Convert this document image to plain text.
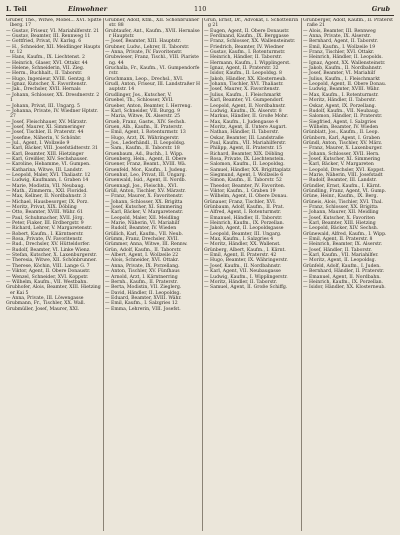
I. Teil	Einwohner	110	Grub

Gruber, The., Witwe, Möbel... XVI. Spittelberg. 17

— Gustav, Friseur, VI. Mariahilferstr. 21

— Gustav, Beamter, III. Rennweg 11

— Gottfried, Privat, IV. Karlsg. 6

— H., Schneider, XII. Meidlinger Hauptstr. 12

— Hans, Kaufm., IX. Liechtenst. 2

— Heinrich, Glaser, XVI. Ottakr. 44

— Helene, Schneiderin, VII. Zieg.

— Herm., Buchhalt., II. Taborstr.

— Hugo, Ingenieur, XVIII. Gentzg. 8

— Ignaz, Kutscher, X. Favoritenstr.

— Jak., Drechsler, XVII. Hernals

— Johann, Schlosser, XX. Dresdnerstr. 21

— Johann, Privat, III. Ungarg. 5

— Johanna, Private, IV. Wiedner Hptstr. 27

— Josef, Fleischhauer, XV. Märzstr.

— Josef, Maurer, XI. Simmeringer

— Josef, Tischler, II. Praterstr. 44

— Josefine, Näherin, V. Schönbr.

— Jul., Agent, I. Wollzeile 9

— Karl, Bäcker, VIII. Josefstädterstr. 31

— Karl, Beamter, XIII. Hietzinger

— Karl, Greißler, XIV. Sechshauser.

— Karoline, Hebamme, VI. Gumpen.

— Katharina, Witwe, III. Landstr.

— Leopold, Maler, XVI. Thaliastr. 12

— Ludwig, Kaufmann, I. Graben 14

— Marie, Modistin, VII. Neubaug.

— Math., Zimmerm., XXI. Floridsd.

— Max, Kellner, II. Nordbahnstr. 3

— Michael, Hausbesorger, IX. Porz.

— Moritz, Privat, XIX. Döbling

— Otto, Beamter, XVIII. Währ. 61

— Paul, Schuhmacher, XVII. Jörg.

— Peter, Fiaker, III. Erdbergstr. 9

— Richard, Lehrer, V. Margaretenstr.

— Robert, Kaufm., I. Kärntnerstr.

— Rosa, Private, IV. Favoritenstr.

— Rud., Drechsler, XV. Hütteldorfer.

— Rudolf, Beamter, VI. Linke Wienz.

— Stefan, Kutscher, X. Laxenburgerstr.

— Theresia, Witwe, XII. Schönbrunner.

— Therese, Köchin, VIII. Lange G. 7

— Viktor, Agent, II. Obere Donaustr.

— Wenzel, Schneider, XVI. Koppstr.

— Wilhelm, Kaufm., VII. Westbahn.

Grubhofer, Alois, Beamter, XIII. Hietzinger Kai 5

— Anna, Private, III. Löwengasse

Grubmann, Fr., Tischler, XX. Wall.

Grubmüller, Josef, Maurer, XXI.

Grubner, Adolf, Ktm., XII. Schönbrunnerstr. 88

Grubtaufer, Ant., Kaufm., XVII. Hernalser Hauptstr.

— Josef, Beamter, XIII. Hauptstr.

Grubner, Ludw., Lehrer, II. Taborstr.

— Anna, Private, IV. Favoritenstr.

Grubwieser, Franz, Tischl., VIII. Piaristeng. 44

Gruchalla, Fr., Kaufm., VI. Gumpendorferstr.

Gruchmann, Leop., Drechsl., XVI.

Grudl, Anton, Friseur, III. Landstraßer Hauptstr. 14

Grudlinger, Jos., Kutscher, V.

Gruebel, Th., Schlosser, XVII.

Grueber, Anton, Beamter, I. Herreng.

— Karl, Schneider, VII. Burgg. 9

— Maria, Witwe, IX. Alserstr. 25

Grueb, Franz, Gastw., XIV. Sechsh.

Gruen, Alb., Kaufm., II. Praterstr.

— Emil, Agent, I. Rotenturmstr. 13

— Hugo, Arzt, IX. Währingerstr.

— Jos., Lederhändl., II. Leopoldsg.

— Sam., Kaufm., II. Taborstr. 18

Gruenbaum, Ad., Buchh., I. Wipp.

Gruenberg, Hein., Agent, II. Obere

Gruener, Franz, Beamt., XVIII. Wä.

Gruenfeld, Mor., Kaufm., I. Judeng.

Gruenhut, Leo, Privat, III. Ungarg.

Gruenwald, Isid., Agent, II. Nordb.

Gruennagl, Jos., Fleischh., XVI.

Grüll, Anton, Tischler, XV. Märzstr.

— Franz, Maurer, X. Favoritenstr.

— Johann, Schlosser, XX. Brigitta

— Josef, Kutscher, XI. Simmering

— Karl, Bäcker, V. Margaretenstr.

— Leopold, Maler, XII. Meidling

— Marie, Näherin, VI. Mariahilf

— Rudolf, Beamter, IV. Wieden

Grüllich, Karl, Kaufm., VII. Neub.

Grümm, Franz, Drechsler, XVII.

Grümmer, Anna, Witwe, III. Rennw.

Grün, Adolf, Kaufm., II. Taborstr.

— Albert, Agent, I. Wollzeile 22

— Alois, Schneider, XVI. Ottakr.

— Anna, Private, IX. Porzellang.

— Anton, Tischler, XV. Fünfhaus

— Arnold, Arzt, I. Kärntnerring

— Bernh., Kaufm., II. Praterstr.

— Berta, Modistin, VII. Zieglerg.

— David, Händler, II. Leopoldsg.

— Eduard, Beamter, XVIII. Währ.

— Emil, Kaufm., I. Salzgries 12

— Emma, Lehrerin, VIII. Josefst.

Grün, Ernst, Dr., Advokat, I. Schottenring 21

— Eugen, Agent, II. Obere Donaustr.

— Ferdinand, Kaufm., IX. Berggasse

— Franz, Schlosser, XX. Wallensteinstr.

— Friedrich, Beamter, IV. Wiedner

— Gustav, Kaufm., I. Rotenturmstr.

— Heinrich, Händler, II. Taborstr.

— Hermann, Kaufm., I. Wipplingerst.

— Ignaz, Agent, II. Praterstr. 32

— Isidor, Kaufm., II. Leopoldsg. 8

— Jakob, Händler, XX. Klosterneub.

— Johann, Tischler, XVI. Thaliastr.

— Josef, Maurer, X. Favoritenstr.

— Julius, Kaufm., I. Fleischmarkt

— Karl, Beamter, VI. Gumpendorf.

— Leopold, Agent, II. Nordbahnstr.

— Ludwig, Kaufm., IX. Alserstr. 8

— Markus, Händler, II. Große Mohr.

— Max, Kaufm., I. Judengasse 4

— Moritz, Agent, II. Untere Augart.

— Nathan, Händler, II. Taborstr.

— Oskar, Beamter, III. Landstraße

— Paul, Kaufm., VII. Mariahilferstr.

— Philipp, Agent, II. Praterstr. 15

— Richard, Beamter, XIX. Döbling

— Rosa, Private, IX. Liechtenstein.

— Salomon, Kaufm., II. Leopoldsg.

— Samuel, Händler, XX. Brigittaplatz

— Siegmund, Agent, I. Wollzeile 6

— Simon, Kaufm., II. Taborstr. 52

— Theodor, Beamter, IV. Favoriten.

— Viktor, Kaufm., I. Graben 19

— Wilhelm, Agent, II. Obere Donau.

Grünauer, Franz, Tischler, XVI.

Grünbaum, Adolf, Kaufm., II. Prat.

— Alfred, Agent, I. Rotenturmstr.

— Emanuel, Händler, II. Taborstr.

— Heinrich, Kaufm., IX. Porzellan.

— Jakob, Agent, II. Leopoldsgasse

— Leopold, Beamter, III. Ungarg.

— Max, Kaufm., I. Salzgries 4

— Moritz, Händler, XX. Wallenst.

Grünberg, Albert, Kaufm., I. Kärnt.

— Emil, Agent, II. Praterstr. 42

— Hugo, Beamter, IX. Währingerstr.

— Josef, Kaufm., II. Nordbahnstr.

— Karl, Agent, VII. Neubaugasse

— Ludwig, Kaufm., I. Wipplingerstr.

— Moritz, Händler, II. Taborstr.

— Samuel, Agent, II. Große Schiffg.

Grünberger, Adolf, Kaufm., II. Praterstraße 21

— Alois, Beamter, III. Rennweg

— Anna, Private, IX. Alserstr.

— Bernhard, Agent, II. Taborstr.

— Emil, Kaufm., I. Wollzeile 19

— Franz, Tischler, XVI. Ottakr.

— Heinrich, Händler, II. Leopolds.

— Ignaz, Agent, XX. Wallensteinstr.

— Jakob, Kaufm., II. Nordbahnstr.

— Josef, Beamter, VI. Mariahilf

— Julius, Kaufm., I. Fleischmarkt

— Leopold, Agent, II. Obere Donau.

— Ludwig, Beamter, XVIII. Währ.

— Max, Kaufm., I. Rotenturmstr.

— Moritz, Händler, II. Taborstr.

— Oskar, Agent, IX. Porzellang.

— Rudolf, Kaufm., VII. Neubaug.

— Salomon, Händler, II. Praterstr.

— Siegfried, Agent, I. Salzgries

— Wilhelm, Beamter, IV. Wieden

Grünblatt, Jos., Kaufm., II. Leop.

Grünborn, Karl, Agent, I. Graben

Gründl, Anton, Tischler, XV. März.

— Franz, Maurer, X. Laxenburger.

— Johann, Schlosser, XVII. Hern.

— Josef, Kutscher, XI. Simmering

— Karl, Bäcker, V. Margareten

— Leopold, Drechsler, XVI. Koppst.

— Marie, Näherin, VIII. Josefstadt

— Rudolf, Beamter, III. Landstr.

Gründler, Ernst, Kaufm., I. Kärnt.

Gründling, Franz, Agent, VI. Gump.

Grüne, Heinr., Kaufm., IX. Berg.

Grüneis, Alois, Tischler, XVI. Thal.

— Franz, Schlosser, XX. Brigitta

— Johann, Maurer, XII. Meidling

— Josef, Kutscher, X. Favoriten

— Karl, Beamter, XIII. Hietzing

— Leopold, Bäcker, XIV. Sechsh.

Grünewald, Alfred, Kaufm., I. Wipp.

— Emil, Agent, II. Praterstr. 8

— Heinrich, Beamter, IX. Alserstr.

— Josef, Händler, II. Taborstr.

— Karl, Kaufm., VII. Mariahilfer.

— Moritz, Agent, II. Leopoldsg.

Grünfeld, Adolf, Kaufm., I. Juden.

— Bernhard, Händler, II. Praterstr.

— Emanuel, Agent, II. Nordbahn.

— Heinrich, Kaufm., IX. Porzellan.

— Isidor, Händler, XX. Klosterneub.
